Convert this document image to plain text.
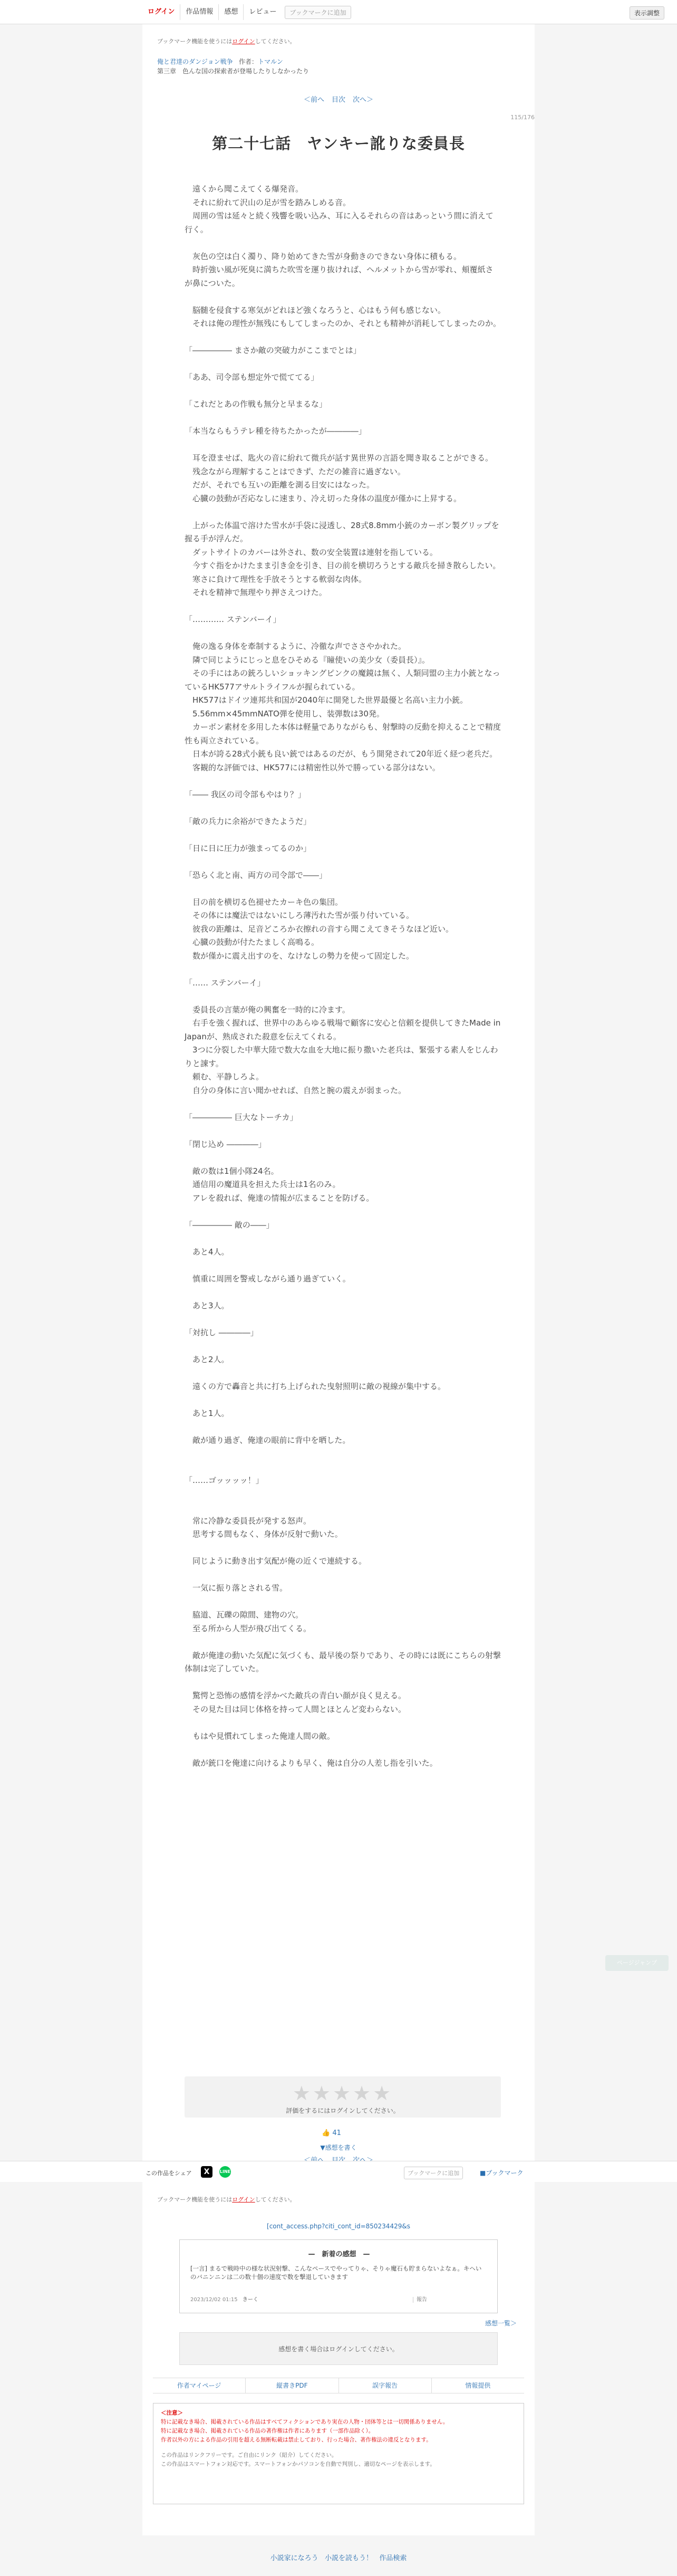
ログイン	作品情報	感想	レビュー	ブックマークに追加	表示調整
ブックマーク機能を使うにはログインしてください。
俺と君達のダンジョン戦争 作者：トマルン
第三章　色んな国の探索者が登場したりしなかったり
＜前へ 目次 次へ＞
115/176
第二十七話　ヤンキー訛りな委員長

　遠くから聞こえてくる爆発音。

　それに紛れて沢山の足が雪を踏みしめる音。

　周囲の雪は延々と続く残響を吸い込み、耳に入るそれらの音はあっという間に消えて行く。

　灰色の空は白く濁り、降り始めてきた雪が身動きのできない身体に積もる。

　時折強い風が死臭に満ちた吹雪を運り抜ければ、ヘルメットから雪が零れ、頬覆紙さが鼻についた。

　脳髄を侵食する寒気がどれほど強くなろうと、心はもう何も感じない。

　それは俺の理性が無残にもしてしまったのか、それとも精神が消耗してしまったのか。

「――――― まさか敵の突破力がここまでとは」

「ああ、司令部も想定外で慌ててる」

「これだとあの作戦も無分と早まるな」

「本当ならもうテレ種を待ちたかったが――――」

　耳を澄ませば、匙火の音に紛れて微兵が話す異世界の言語を聞き取ることができる。

　残念ながら理解することはできず、ただの雑音に過ぎない。

　だが、それでも互いの距離を測る目安にはなった。

　心臓の鼓動が否応なしに速まり、冷え切った身体の温度が僅かに上昇する。

　上がった体温で溶けた雪水が手袋に浸透し、28式8.8mm小銃のカーボン製グリップを握る手が浮んだ。

　ダットサイトのカバーは外され、数の安全装置は連射を指している。

　今すぐ指をかけたまま引き金を引き、目の前を横切ろうとする敵兵を掃き散らしたい。

　寒さに負けて理性を手放そうとする軟弱な肉体。

　それを精神で無理やり押さえつけた。

「………… ステンバーイ」

　俺の逸る身体を牽制するように、冷徹な声でささやかれた。

　隣で同じようにじっと息をひそめる『瞳使いの美少女（委員長）』。

　その手にはあの銃ろしいショッキングピンクの魔鏡は無く、人類同盟の主力小銃となっているHK577アサルトライフルが握られている。

　HK577はドイツ連邦共和国が2040年に開発した世界最優と名高い主力小銃。

　5.56mm×45mmNATO弾を使用し、装弾数は30発。

　カーボン素材を多用した本体は軽量でありながらも、射撃時の反動を抑えることで精度性も両立されている。

　日本が誇る28式小銃も良い銃ではあるのだが、もう開発されて20年近く経つ老兵だ。

　客観的な評価では、HK577には精密性以外で勝っている部分はない。

「―― 我区の司令部もやはり？」

「敵の兵力に余裕ができたようだ」

「日に日に圧力が強まってるのか」

「恐らく北と南、両方の司令部で――」

　目の前を横切る色褪せたカーキ色の集団。

　その体には魔法ではないにしろ薄汚れた雪が張り付いている。

　彼我の距離は、足音どころか衣擦れの音すら聞こえてきそうなほど近い。

　心臓の鼓動が付たたましく高鳴る。

　数が僅かに震え出すのを、なけなしの勢力を使って固定した。

「…… ステンバーイ」

　委員長の言葉が俺の興奮を一時的に冷ます。

　右手を強く握れば、世界中のあらゆる戦場で顧客に安心と信頼を提供してきたMade in Japanが、熟成された殺意を伝えてくれる。

　3つに分裂した中華大陸で数大な血を大地に振り撒いた老兵は、緊張する素人をじんわりと諌す。

　頼む、平静しろよ。

　自分の身体に言い聞かせれば、自然と腕の震えが弱まった。

「――――― 巨大なトーチカ」

「閉じ込め ――――」

　敵の数は1個小隊24名。

　通信用の魔道具を担えた兵士は1名のみ。

　アレを殺れば、俺達の情報が広まることを防げる。

「――――― 敵の――」

　あと4人。

　慎重に周囲を警戒しながら通り過ぎていく。

　あと3人。

「対抗し ――――」

　あと2人。

　遠くの方で轟音と共に打ち上げられた曳射照明に敵の視線が集中する。

　あと1人。

　敵が通り過ぎ、俺達の眼前に背中を晒した。

「……ゴッッッッ！」

　常に冷静な委員長が発する怒声。

　思考する間もなく、身体が反射で動いた。

　同じように動き出す気配が俺の近くで連続する。

　一気に振り落とされる雪。

　脇道、瓦礫の隙間、建物の穴。

　至る所から人型が飛び出てくる。

　敵が俺達の動いた気配に気づくも、最早後の祭りであり、その時には既にこちらの射撃体制は完了していた。

　驚愕と恐怖の感情を浮かべた敵兵の青白い顔が良く見える。

　その見た目は同じ体格を持って人間とほとんど変わらない。

　もはや見慣れてしまった俺達人間の敵。

　敵が銃口を俺達に向けるよりも早く、俺は自分の人差し指を引いた。

★★★★★
評価をするにはログインしてください。
👍 41
▼感想を書く
ページジャンプ
この作品をシェア	X	LINE	ブックマークに追加	■ブックマーク
ブックマーク機能を使うにはログインしてください。
[cont_access.php?citi_cont_id=850234429&s
—　新着の感想　—
[一言] まるで戦時中の様な状況射撃、こんなペースでやってりゃ、そりゃ魔石も貯まらないよなぁ。キヘいのバニンニンは二の数十個の速度で数を撃退していきます
2023/12/02 01:15 きーく	報告
感想一覧＞
感想を書く場合はログインしてください。
作者マイページ	縦書きPDF	誤字報告	情報提供
＜注意＞
特に記載なき場合、掲載されている作品はすべてフィクションであり実在の人物・団体等とは一切関係ありません。
特に記載なき場合、掲載されている作品の著作権は作者にあります（一部作品除く）。
作者以外の方による作品の引用を超える無断転載は禁止しており、行った場合、著作権法の違反となります。
この作品はリンクフリーです。ご自由にリンク（紹介）してください。
この作品はスマートフォン対応です。スマートフォンかパソコンを自動で判別し、適切なページを表示します。
小説家になろう 小説を読もう！ 作品検索
